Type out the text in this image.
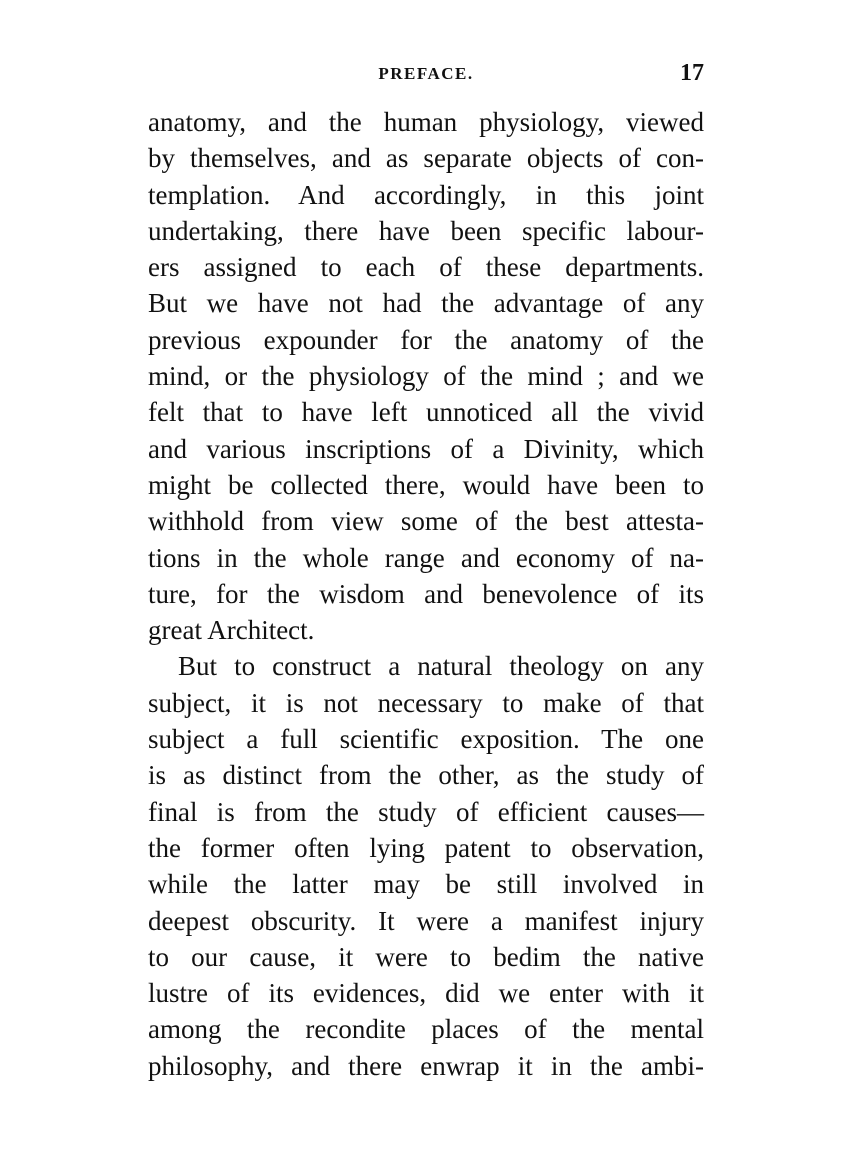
PREFACE.	17
anatomy, and the human physiology, viewed
by themselves, and as separate objects of con-
templation. And accordingly, in this joint
undertaking, there have been specific labour-
ers assigned to each of these departments.
But we have not had the advantage of any
previous expounder for the anatomy of the
mind, or the physiology of the mind ; and we
felt that to have left unnoticed all the vivid
and various inscriptions of a Divinity, which
might be collected there, would have been to
withhold from view some of the best attesta-
tions in the whole range and economy of na-
ture, for the wisdom and benevolence of its
great Architect.
But to construct a natural theology on any
subject, it is not necessary to make of that
subject a full scientific exposition. The one
is as distinct from the other, as the study of
final is from the study of efficient causes—
the former often lying patent to observation,
while the latter may be still involved in
deepest obscurity. It were a manifest injury
to our cause, it were to bedim the native
lustre of its evidences, did we enter with it
among the recondite places of the mental
philosophy, and there enwrap it in the ambi-
